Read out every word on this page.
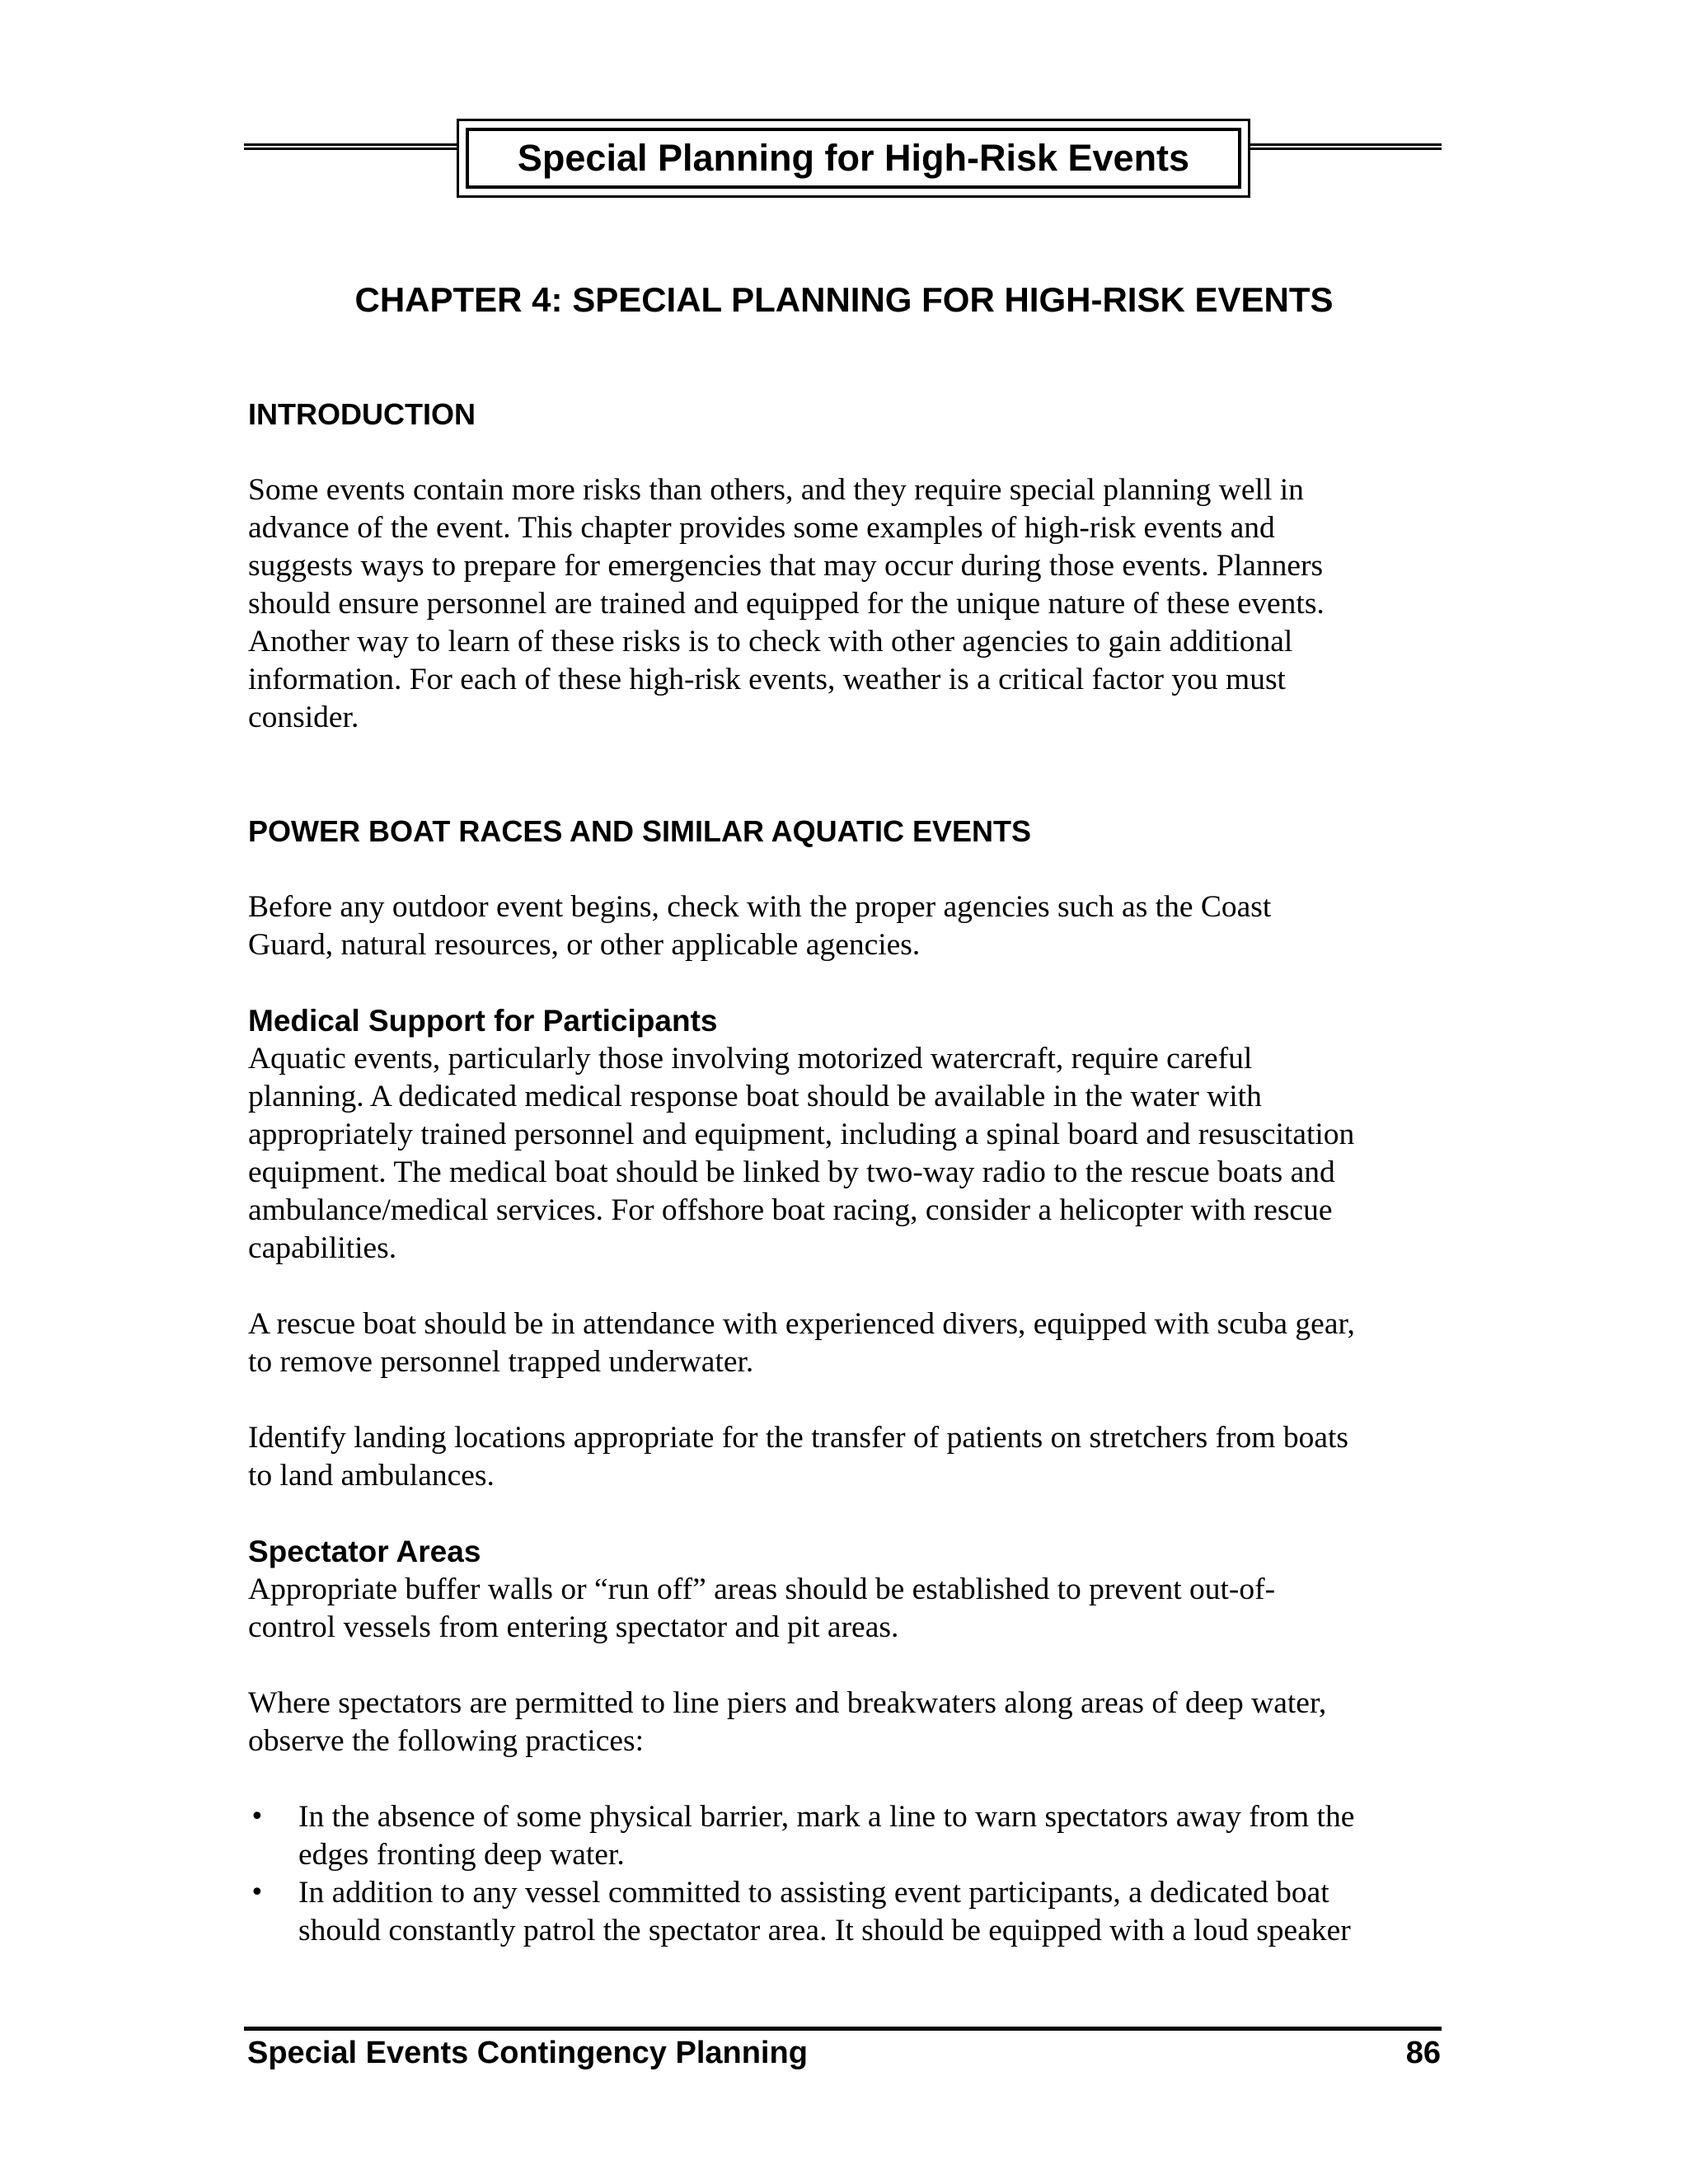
Special Planning for High-Risk Events
CHAPTER 4: SPECIAL PLANNING FOR HIGH-RISK EVENTS
INTRODUCTION

Some events contain more risks than others, and they require special planning well in
advance of the event. This chapter provides some examples of high-risk events and
suggests ways to prepare for emergencies that may occur during those events. Planners
should ensure personnel are trained and equipped for the unique nature of these events.
Another way to learn of these risks is to check with other agencies to gain additional
information. For each of these high-risk events, weather is a critical factor you must
consider.

POWER BOAT RACES AND SIMILAR AQUATIC EVENTS

Before any outdoor event begins, check with the proper agencies such as the Coast
Guard, natural resources, or other applicable agencies.

Medical Support for Participants

Aquatic events, particularly those involving motorized watercraft, require careful
planning. A dedicated medical response boat should be available in the water with
appropriately trained personnel and equipment, including a spinal board and resuscitation
equipment. The medical boat should be linked by two-way radio to the rescue boats and
ambulance/medical services. For offshore boat racing, consider a helicopter with rescue
capabilities.

A rescue boat should be in attendance with experienced divers, equipped with scuba gear,
to remove personnel trapped underwater.

Identify landing locations appropriate for the transfer of patients on stretchers from boats
to land ambulances.

Spectator Areas

Appropriate buffer walls or “run off” areas should be established to prevent out-of-
control vessels from entering spectator and pit areas.

Where spectators are permitted to line piers and breakwaters along areas of deep water,
observe the following practices:

• In the absence of some physical barrier, mark a line to warn spectators away from the
edges fronting deep water.
• In addition to any vessel committed to assisting event participants, a dedicated boat
should constantly patrol the spectator area. It should be equipped with a loud speaker
Special Events Contingency Planning	86
